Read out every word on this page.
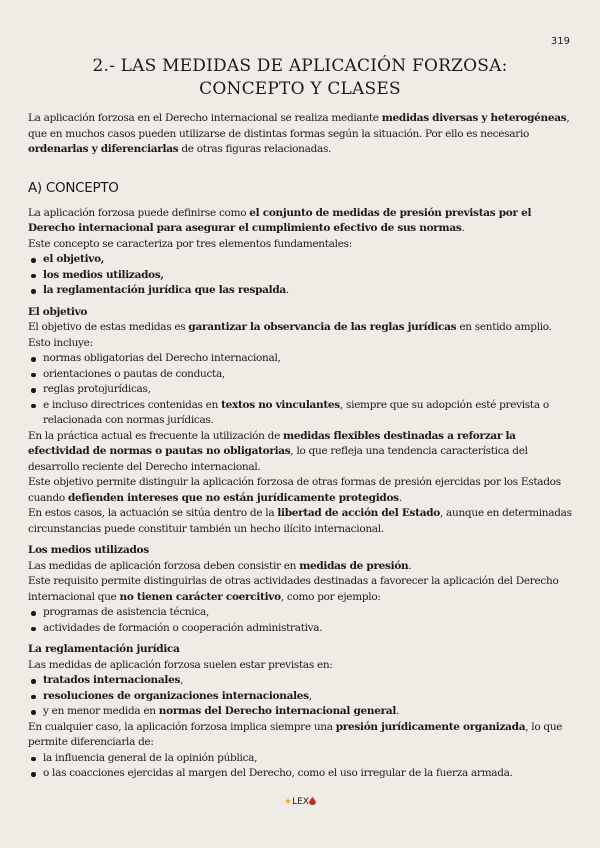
319
2.- LAS MEDIDAS DE APLICACIÓN FORZOSA:
CONCEPTO Y CLASES

La aplicación forzosa en el Derecho internacional se realiza mediante medidas diversas y heterogéneas, que en muchos casos pueden utilizarse de distintas formas según la situación. Por ello es necesario ordenarlas y diferenciarlas de otras figuras relacionadas.

A) CONCEPTO

La aplicación forzosa puede definirse como el conjunto de medidas de presión previstas por el Derecho internacional para asegurar el cumplimiento efectivo de sus normas.

Este concepto se caracteriza por tres elementos fundamentales:

el objetivo,
los medios utilizados,
la reglamentación jurídica que las respalda.
El objetivo

El objetivo de estas medidas es garantizar la observancia de las reglas jurídicas en sentido amplio.

Esto incluye:

normas obligatorias del Derecho internacional,
orientaciones o pautas de conducta,
reglas protojurídicas,
e incluso directrices contenidas en textos no vinculantes, siempre que su adopción esté prevista o relacionada con normas jurídicas.

En la práctica actual es frecuente la utilización de medidas flexibles destinadas a reforzar la efectividad de normas o pautas no obligatorias, lo que refleja una tendencia característica del desarrollo reciente del Derecho internacional.

Este objetivo permite distinguir la aplicación forzosa de otras formas de presión ejercidas por los Estados cuando defienden intereses que no están jurídicamente protegidos.

En estos casos, la actuación se sitúa dentro de la libertad de acción del Estado, aunque en determinadas circunstancias puede constituir también un hecho ilícito internacional.

Los medios utilizados

Las medidas de aplicación forzosa deben consistir en medidas de presión.

Este requisito permite distinguirlas de otras actividades destinadas a favorecer la aplicación del Derecho internacional que no tienen carácter coercitivo, como por ejemplo:

programas de asistencia técnica,
actividades de formación o cooperación administrativa.
La reglamentación jurídica

Las medidas de aplicación forzosa suelen estar previstas en:

tratados internacionales,
resoluciones de organizaciones internacionales,
y en menor medida en normas del Derecho internacional general.

En cualquier caso, la aplicación forzosa implica siempre una presión jurídicamente organizada, lo que permite diferenciarla de:

la influencia general de la opinión pública,
o las coacciones ejercidas al margen del Derecho, como el uso irregular de la fuerza armada.
★LEX
